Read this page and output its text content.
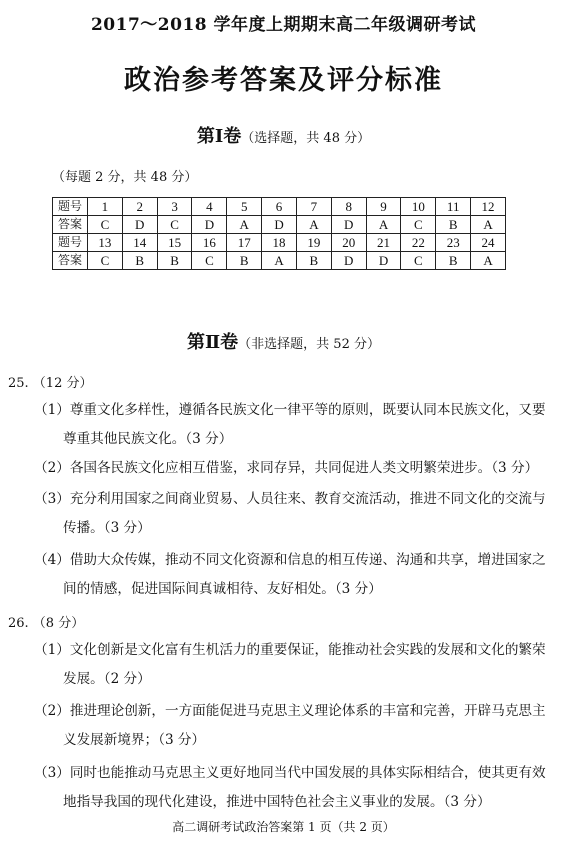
2017～2018 学年度上期期末高二年级调研考试
政治参考答案及评分标准
第Ⅰ卷（选择题，共 48 分）
（每题 2 分，共 48 分）
题号	1	2	3	4	5	6	7	8	9	10	11	12
答案	C	D	C	D	A	D	A	D	A	C	B	A
题号	13	14	15	16	17	18	19	20	21	22	23	24
答案	C	B	B	C	B	A	B	D	D	C	B	A
第Ⅱ卷（非选择题，共 52 分）
25. （12 分）
（1）尊重文化多样性，遵循各民族文化一律平等的原则，既要认同本民族文化，又要
尊重其他民族文化。（3 分）
（2）各国各民族文化应相互借鉴，求同存异，共同促进人类文明繁荣进步。（3 分）
（3）充分利用国家之间商业贸易、人员往来、教育交流活动，推进不同文化的交流与
传播。（3 分）
（4）借助大众传媒，推动不同文化资源和信息的相互传递、沟通和共享，增进国家之
间的情感，促进国际间真诚相待、友好相处。（3 分）
26. （8 分）
（1）文化创新是文化富有生机活力的重要保证，能推动社会实践的发展和文化的繁荣
发展。（2 分）
（2）推进理论创新，一方面能促进马克思主义理论体系的丰富和完善，开辟马克思主
义发展新境界；（3 分）
（3）同时也能推动马克思主义更好地同当代中国发展的具体实际相结合，使其更有效
地指导我国的现代化建设，推进中国特色社会主义事业的发展。（3 分）
高二调研考试政治答案第 1 页（共 2 页）
